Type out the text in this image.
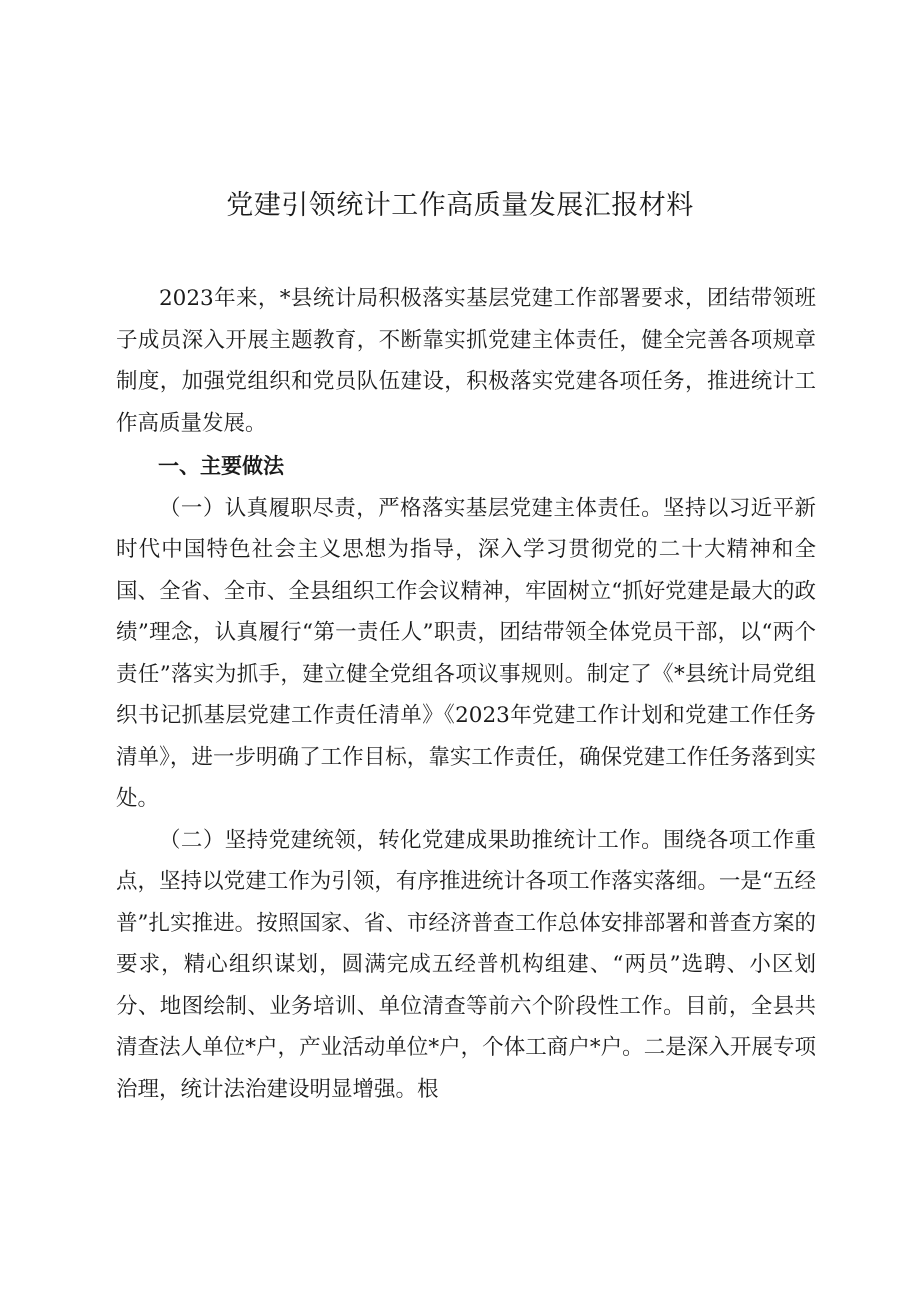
党建引领统计工作高质量发展汇报材料

2023年来，*县统计局积极落实基层党建工作部署要求，团结带领班子成员深入开展主题教育，不断靠实抓党建主体责任，健全完善各项规章制度，加强党组织和党员队伍建设，积极落实党建各项任务，推进统计工作高质量发展。

一、主要做法

（一）认真履职尽责，严格落实基层党建主体责任。坚持以习近平新时代中国特色社会主义思想为指导，深入学习贯彻党的二十大精神和全国、全省、全市、全县组织工作会议精神，牢固树立“抓好党建是最大的政绩”理念，认真履行“第一责任人”职责，团结带领全体党员干部，以“两个责任”落实为抓手，建立健全党组各项议事规则。制定了《*县统计局党组织书记抓基层党建工作责任清单》《2023年党建工作计划和党建工作任务清单》，进一步明确了工作目标，靠实工作责任，确保党建工作任务落到实处。

（二）坚持党建统领，转化党建成果助推统计工作。围绕各项工作重点，坚持以党建工作为引领，有序推进统计各项工作落实落细。一是“五经普”扎实推进。按照国家、省、市经济普查工作总体安排部署和普查方案的要求，精心组织谋划，圆满完成五经普机构组建、“两员”选聘、小区划分、地图绘制、业务培训、单位清查等前六个阶段性工作。目前，全县共清查法人单位*户，产业活动单位*户，个体工商户*户。二是深入开展专项治理，统计法治建设明显增强。根
